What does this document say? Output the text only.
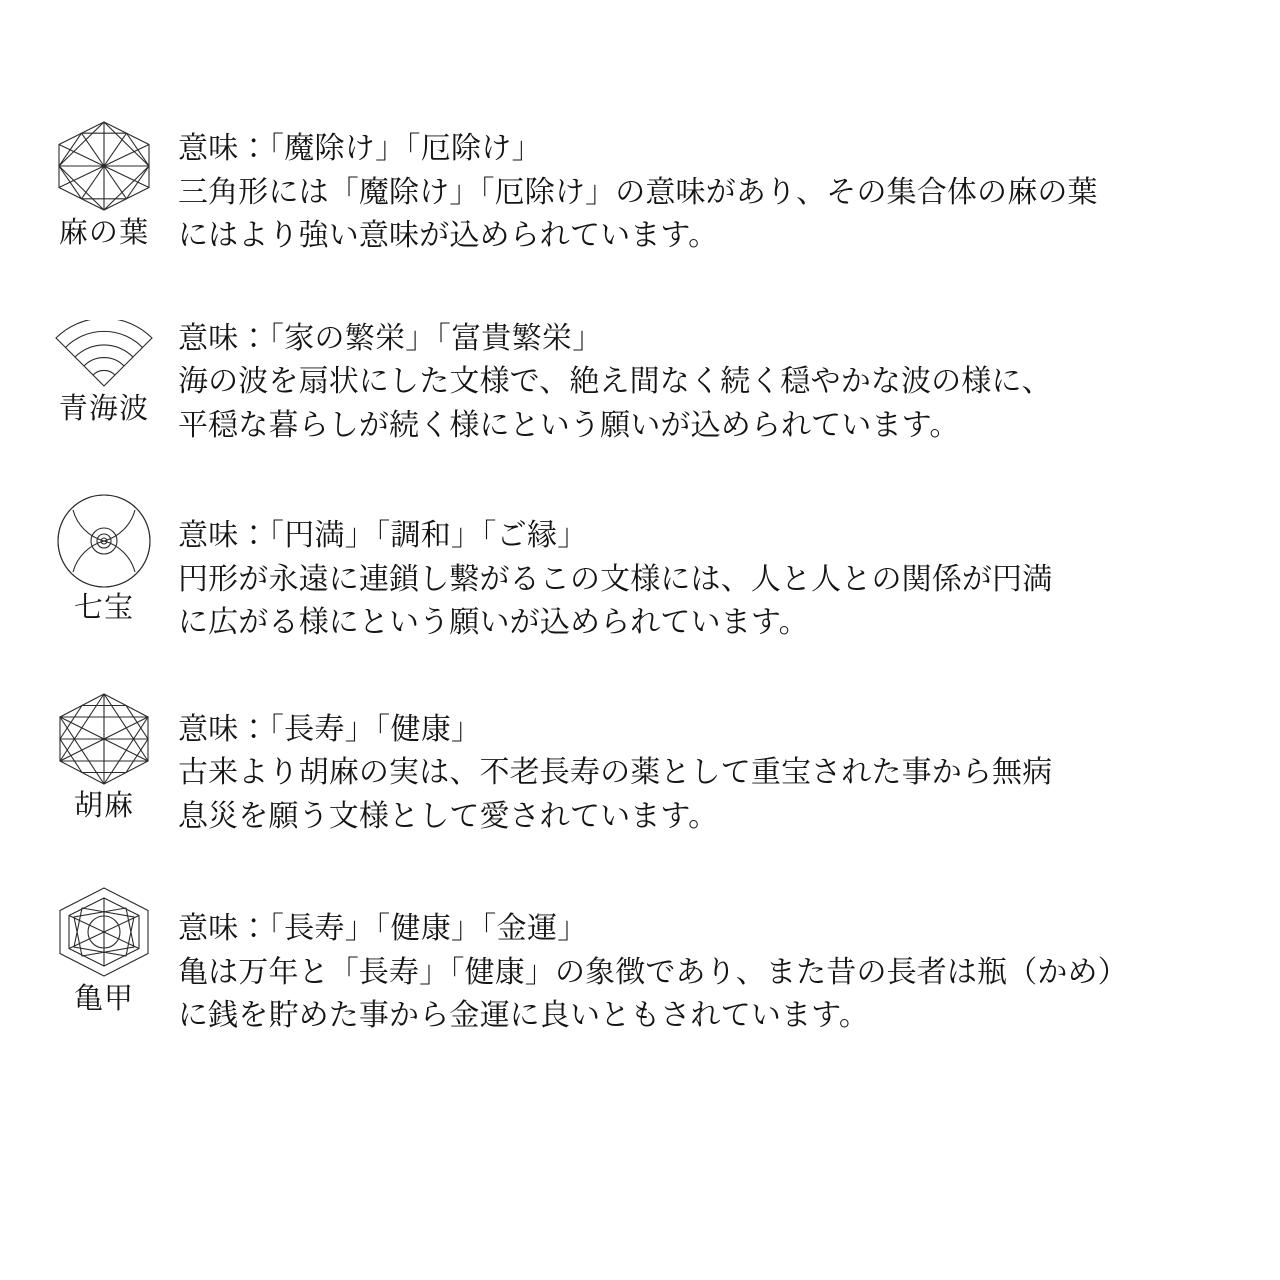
麻の葉
意味：「魔除け」「厄除け」
三角形には「魔除け」「厄除け」の意味があり、その集合体の麻の葉
にはより強い意味が込められています。
青海波
意味：「家の繁栄」「富貴繁栄」
海の波を扇状にした文様で、絶え間なく続く穏やかな波の様に、
平穏な暮らしが続く様にという願いが込められています。
七宝
意味：「円満」「調和」「ご縁」
円形が永遠に連鎖し繋がるこの文様には、人と人との関係が円満
に広がる様にという願いが込められています。
胡麻
意味：「長寿」「健康」
古来より胡麻の実は、不老長寿の薬として重宝された事から無病
息災を願う文様として愛されています。
亀甲
意味：「長寿」「健康」「金運」
亀は万年と「長寿」「健康」の象徴であり、また昔の長者は瓶（かめ）
に銭を貯めた事から金運に良いともされています。
